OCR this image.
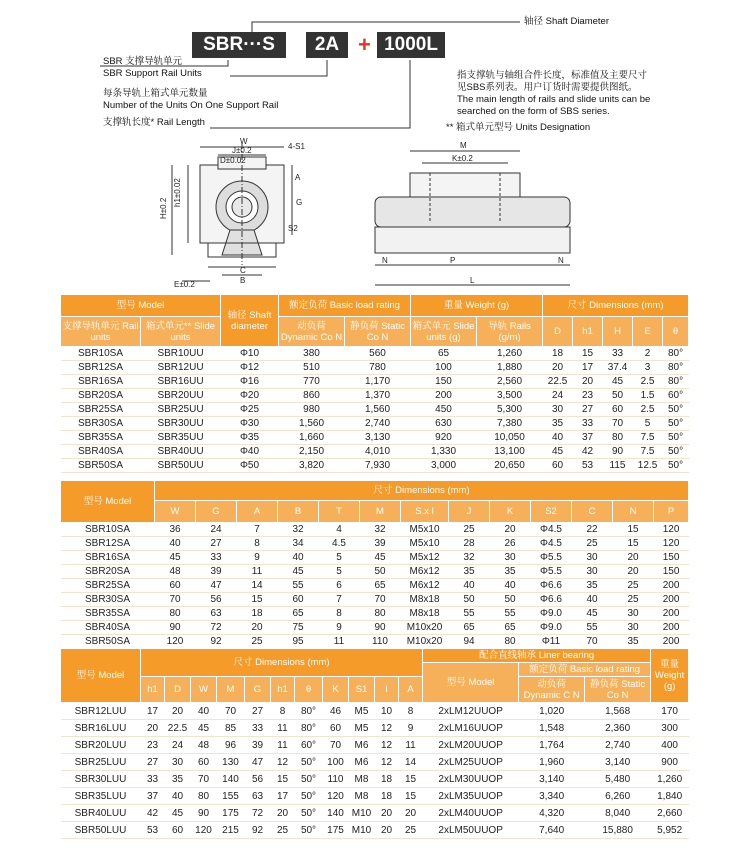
SBR···S	2A + 1000L
轴径 Shaft Diameter
SBR 支撑导轨单元
SBR Support Rail Units
每条导轨上箱式单元数量
Number of the Units On One Support Rail
支撑轨长度* Rail Length
指支撑轨与轴组合件长度，标准值及主要尺寸
见SBS系列表。用户订货时需要提供图纸。
The main length of rails and slide units can be
searched on the form of SBS series.
** 箱式单元型号 Units Designation
W
J±0.2
D±0.02
4-S1
h1±0.02
H±0.2
A
G
S2
C
B
E±0.2
M
K±0.2
N	P	N
L
型号 Model		轴径 Shaft diameter	额定负荷 Basic load rating		重量 Weight (g)		尺寸 Dimensions (mm)				
支撑导轨单元 Rail units	箱式单元** Slide units		动负荷 Dynamic Co N	静负荷 Static Co N	箱式单元 Slide units (g)	导轨 Rails (g/m)	D	h1	H	E	θ
SBR10SA	SBR10UU	Φ10	380	560	65	1,260	18	15	33	2	80°
SBR12SA	SBR12UU	Φ12	510	780	100	1,880	20	17	37.4	3	80°
SBR16SA	SBR16UU	Φ16	770	1,170	150	2,560	22.5	20	45	2.5	80°
SBR20SA	SBR20UU	Φ20	860	1,370	200	3,500	24	23	50	1.5	60°
SBR25SA	SBR25UU	Φ25	980	1,560	450	5,300	30	27	60	2.5	50°
SBR30SA	SBR30UU	Φ30	1,560	2,740	630	7,380	35	33	70	5	50°
SBR35SA	SBR35UU	Φ35	1,660	3,130	920	10,050	40	37	80	7.5	50°
SBR40SA	SBR40UU	Φ40	2,150	4,010	1,330	13,100	45	42	90	7.5	50°
SBR50SA	SBR50UU	Φ50	3,820	7,930	3,000	20,650	60	53	115	12.5	50°
型号 Model	尺寸 Dimensions (mm)												
	W	G	A	B	T	M	S.x l	J	K	S2	C	N	P
SBR10SA	36	24	7	32	4	32	M5x10	25	20	Φ4.5	22	15	120
SBR12SA	40	27	8	34	4.5	39	M5x10	28	26	Φ4.5	25	15	120
SBR16SA	45	33	9	40	5	45	M5x12	32	30	Φ5.5	30	20	150
SBR20SA	48	39	11	45	5	50	M6x12	35	35	Φ5.5	30	20	150
SBR25SA	60	47	14	55	6	65	M6x12	40	40	Φ6.6	35	25	200
SBR30SA	70	56	15	60	7	70	M8x18	50	50	Φ6.6	40	25	200
SBR35SA	80	63	18	65	8	80	M8x18	55	55	Φ9.0	45	30	200
SBR40SA	90	72	20	75	9	90	M10x20	65	65	Φ9.0	55	30	200
SBR50SA	120	92	25	95	11	110	M10x20	94	80	Φ11	70	35	200
型号 Model	尺寸 Dimensions (mm)											配合直线轴承 Liner bearing			重量 Weight (g)
												型号 Model	额定负荷 Basic load rating		
	h1	D	W	M	G	h1	θ	K	S1	l	A		动负荷 Dynamic C N	静负荷 Static Co N	
SBR12LUU	17	20	40	70	27	8	80°	46	M5	10	8	2xLM12UUOP	1,020	1,568	170
SBR16LUU	20	22.5	45	85	33	11	80°	60	M5	12	9	2xLM16UUOP	1,548	2,360	300
SBR20LUU	23	24	48	96	39	11	60°	70	M6	12	11	2xLM20UUOP	1,764	2,740	400
SBR25LUU	27	30	60	130	47	12	50°	100	M6	12	14	2xLM25UUOP	1,960	3,140	900
SBR30LUU	33	35	70	140	56	15	50°	110	M8	18	15	2xLM30UUOP	3,140	5,480	1,260
SBR35LUU	37	40	80	155	63	17	50°	120	M8	18	15	2xLM35UUOP	3,340	6,260	1,840
SBR40LUU	42	45	90	175	72	20	50°	140	M10	20	20	2xLM40UUOP	4,320	8,040	2,660
SBR50LUU	53	60	120	215	92	25	50°	175	M10	20	25	2xLM50UUOP	7,640	15,880	5,952
